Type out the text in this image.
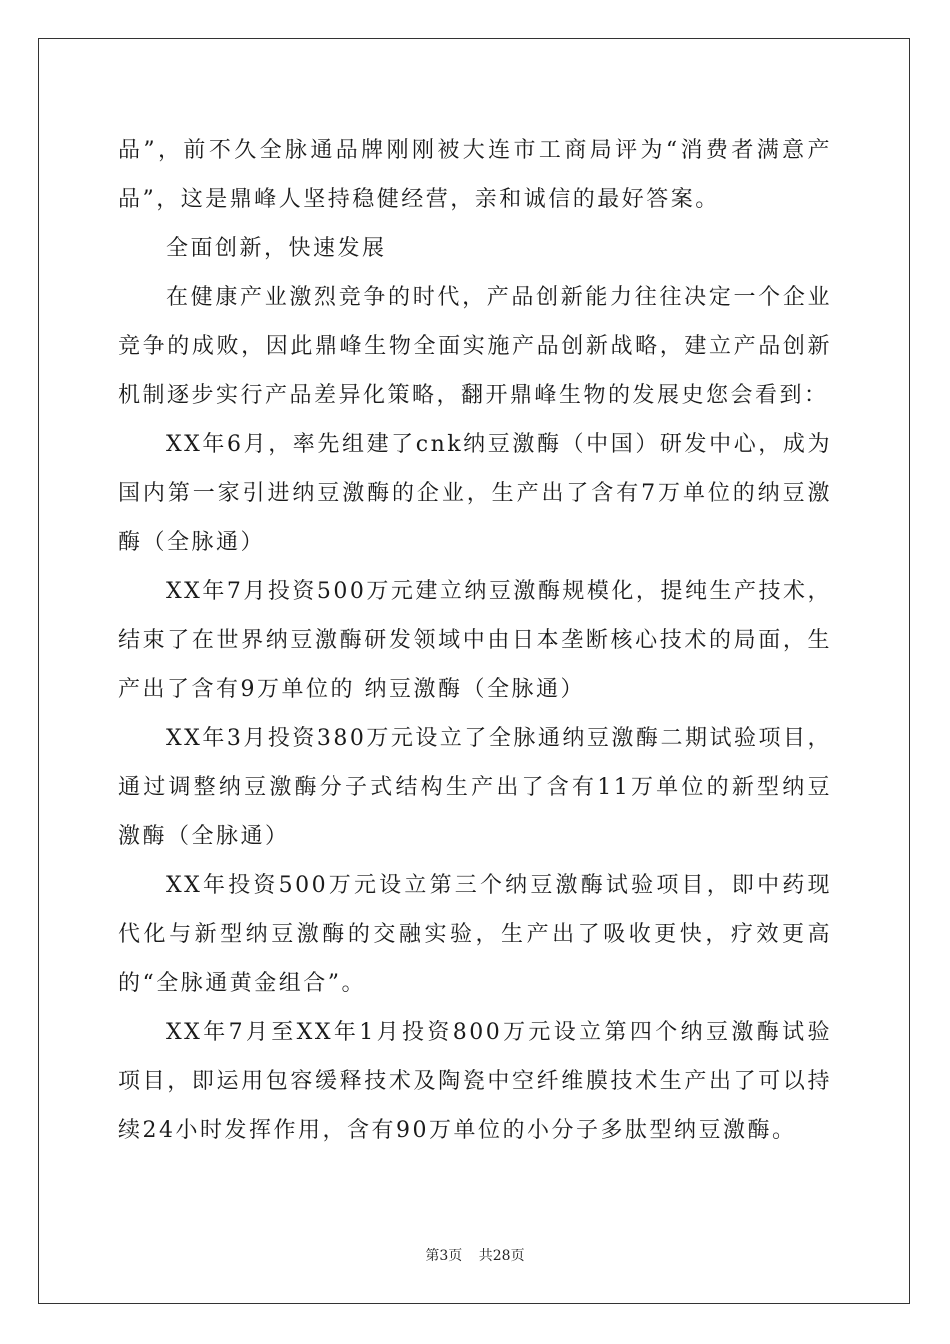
品”，前不久全脉通品牌刚刚被大连市工商局评为“消费者满意产品”，这是鼎峰人坚持稳健经营，亲和诚信的最好答案。

全面创新，快速发展

在健康产业激烈竞争的时代，产品创新能力往往决定一个企业竞争的成败，因此鼎峰生物全面实施产品创新战略，建立产品创新机制逐步实行产品差异化策略，翻开鼎峰生物的发展史您会看到：

XX年6月，率先组建了cnk纳豆激酶（中国）研发中心，成为国内第一家引进纳豆激酶的企业，生产出了含有7万单位的纳豆激酶（全脉通）

XX年7月投资500万元建立纳豆激酶规模化，提纯生产技术，结束了在世界纳豆激酶研发领域中由日本垄断核心技术的局面，生产出了含有9万单位的 纳豆激酶（全脉通）

XX年3月投资380万元设立了全脉通纳豆激酶二期试验项目，通过调整纳豆激酶分子式结构生产出了含有11万单位的新型纳豆激酶（全脉通）

XX年投资500万元设立第三个纳豆激酶试验项目，即中药现代化与新型纳豆激酶的交融实验，生产出了吸收更快，疗效更高的“全脉通黄金组合”。

XX年7月至XX年1月投资800万元设立第四个纳豆激酶试验项目，即运用包容缓释技术及陶瓷中空纤维膜技术生产出了可以持续24小时发挥作用，含有90万单位的小分子多肽型纳豆激酶。

第3页 共28页
